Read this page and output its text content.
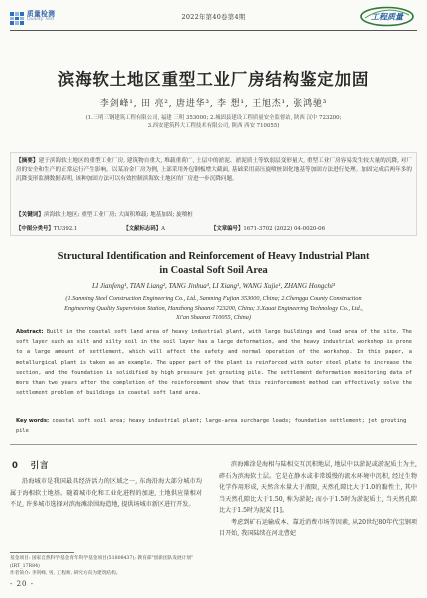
质量检测
Quality Test	2022年第40卷第4期	工程质量
滨海软土地区重型工业厂房结构鉴定加固
李剑峰¹, 田 亮², 唐进华³, 李 想¹, 王旭杰¹, 张鸿驰³
(1.三明三钢建筑工程有限公司, 福建 三明 353000; 2.城固县建设工程质量安全监督站, 陕西 汉中 723200;
3.西安建筑科大工程技术有限公司, 陕西 西安 710055)
【摘要】建于滨海软土地区的重型工业厂房, 建筑物自重大, 堆载重荷广, 土层中的淤泥、淤泥质土等软弱层变形量大, 重型工业厂房容易发生较大量的沉降, 对厂房的安全和生产的正常运行产生影响。以某冶金厂房为例, 上部采用外包钢板增大截面, 基础采用高压旋喷桩固化地基等加固方法进行处理。加固完成后两年多的沉降变形监测数据表明, 该种加固方法可以有效控制滨海软土地区的厂房进一步沉降问题。
【关键词】滨海软土地区; 重型工业厂房; 大面积堆载; 地基加固; 旋喷桩
【中图分类号】TU392.1	【文献标志码】A	【文章编号】1671-3702 (2022) 04-0020-06
Structural Identification and Reinforcement of Heavy Industrial Plant
in Coastal Soft Soil Area
LI Jianfeng¹, TIAN Liang², TANG Jinhua³, LI Xiang¹, WANG Xujie¹, ZHANG Hongchi³
(1.Sanming Steel Construction Engineering Co., Ltd., Sanming Fujian 353000, China; 2.Chenggu County Construction
Engineering Quality Supervision Station, Hanzhong Shaanxi 723200, China; 3.Xauat Engineering Technology Co., Ltd.,
Xi'an Shaanxi 710055, China)
Abstract: Built in the coastal soft land area of heavy industrial plant, with large buildings and load area of the site. The soft layer such as silt and silty soil in the soil layer has a large deformation, and the heavy industrial workshop is prone to a large amount of settlement, which will affect the safety and normal operation of the workshop. In this paper, a metallurgical plant is taken as an example. The upper part of the plant is reinforced with outer steel plate to increase the section, and the foundation is solidified by high pressure jet grouting pile. The settlement deformation monitoring data of more than two years after the completion of the reinforcement show that this reinforcement method can effectively solve the settlement problem of buildings in coastal soft land area.
Key words: coastal soft soil area; heavy industrial plant; large-area surcharge loads; foundation settlement; jet grouting pile
0 引言
沿海城市是我国最具经济活力的区域之一, 东海沿海大部分城市均属于海相软土地基。随着城市化和工业化进程的加速, 土地供应量相对不足, 许多城市选择对滨海滩涂围海造地, 提供场城市新区进行开发。

滨海滩涂是海相与陆相交互沉积地层, 地层中以淤泥或淤泥质土为主, 碎石为滨海软土层。它是在静水或非常缓慢的流水环境中沉积, 经过生物化学作用形成, 天然含水量大于液限, 天然孔隙比大于1.0的黏性土, 其中当天然孔隙比大于1.50, 称为淤泥; 而小于1.5时为淤泥质土, 当天然孔隙比大于1.5时为泥炭 [1]。

考虑到矿石运输成本、靠近消费市场等因素, 从20世纪80年代宝钢项目开始, 我国陆续在河北曹妃

基金项目: 国家自然科学基金青年科学基金项目(51808437); 教育部"创新团队发展计划"(IRT_17R84)
作者简介: 李剑峰, 男, 工程师, 研究方向为建筑结构。
- 20 -
